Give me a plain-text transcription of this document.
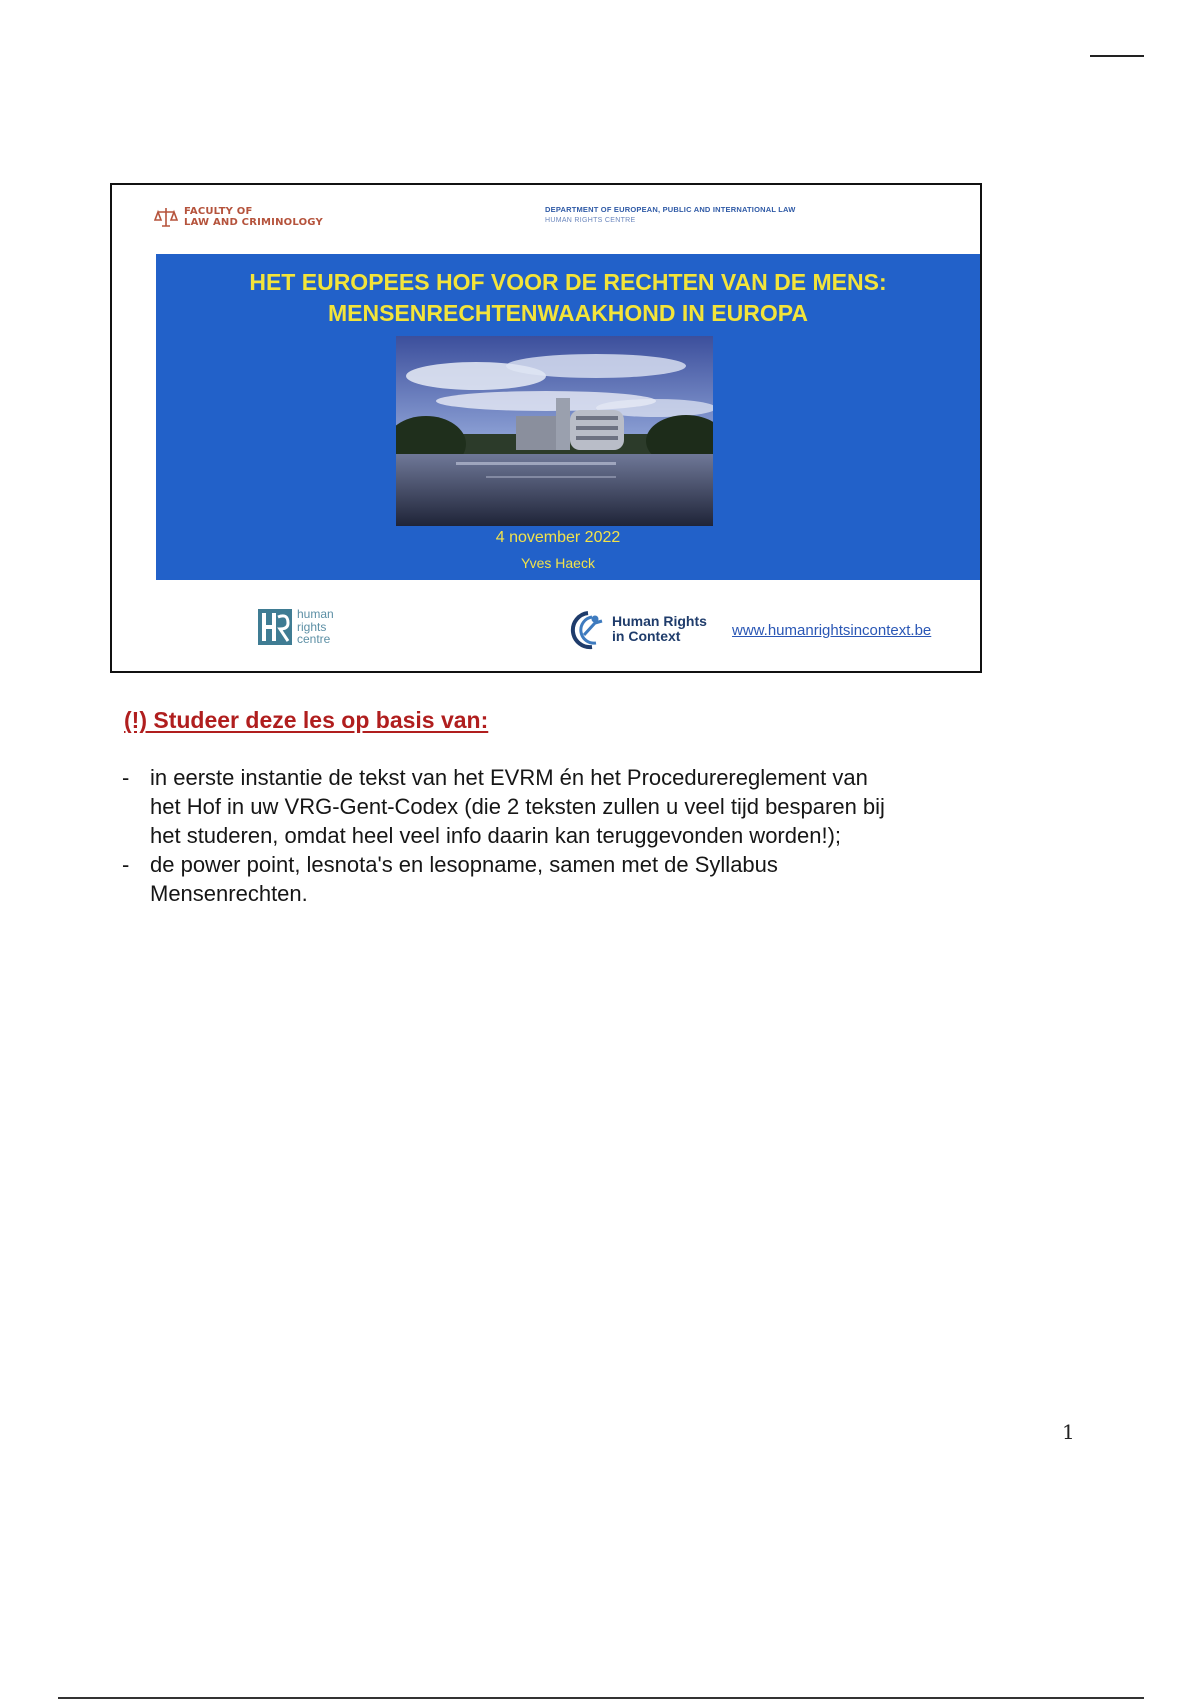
FACULTY OF
LAW AND CRIMINOLOGY
DEPARTMENT OF EUROPEAN, PUBLIC AND INTERNATIONAL LAW
HUMAN RIGHTS CENTRE
HET EUROPEES HOF VOOR DE RECHTEN VAN DE MENS:
MENSENRECHTENWAAKHOND IN EUROPA
4 november 2022
Yves Haeck
human
rights
centre
Human Rights
in Context	www.humanrightsincontext.be
(!) Studeer deze les op basis van:
- in eerste instantie de tekst van het EVRM én het Procedurereglement van
het Hof in uw VRG-Gent-Codex (die 2 teksten zullen u veel tijd besparen bij
het studeren, omdat heel veel info daarin kan teruggevonden worden!);
- de power point, lesnota's en lesopname, samen met de Syllabus
Mensenrechten.
1
